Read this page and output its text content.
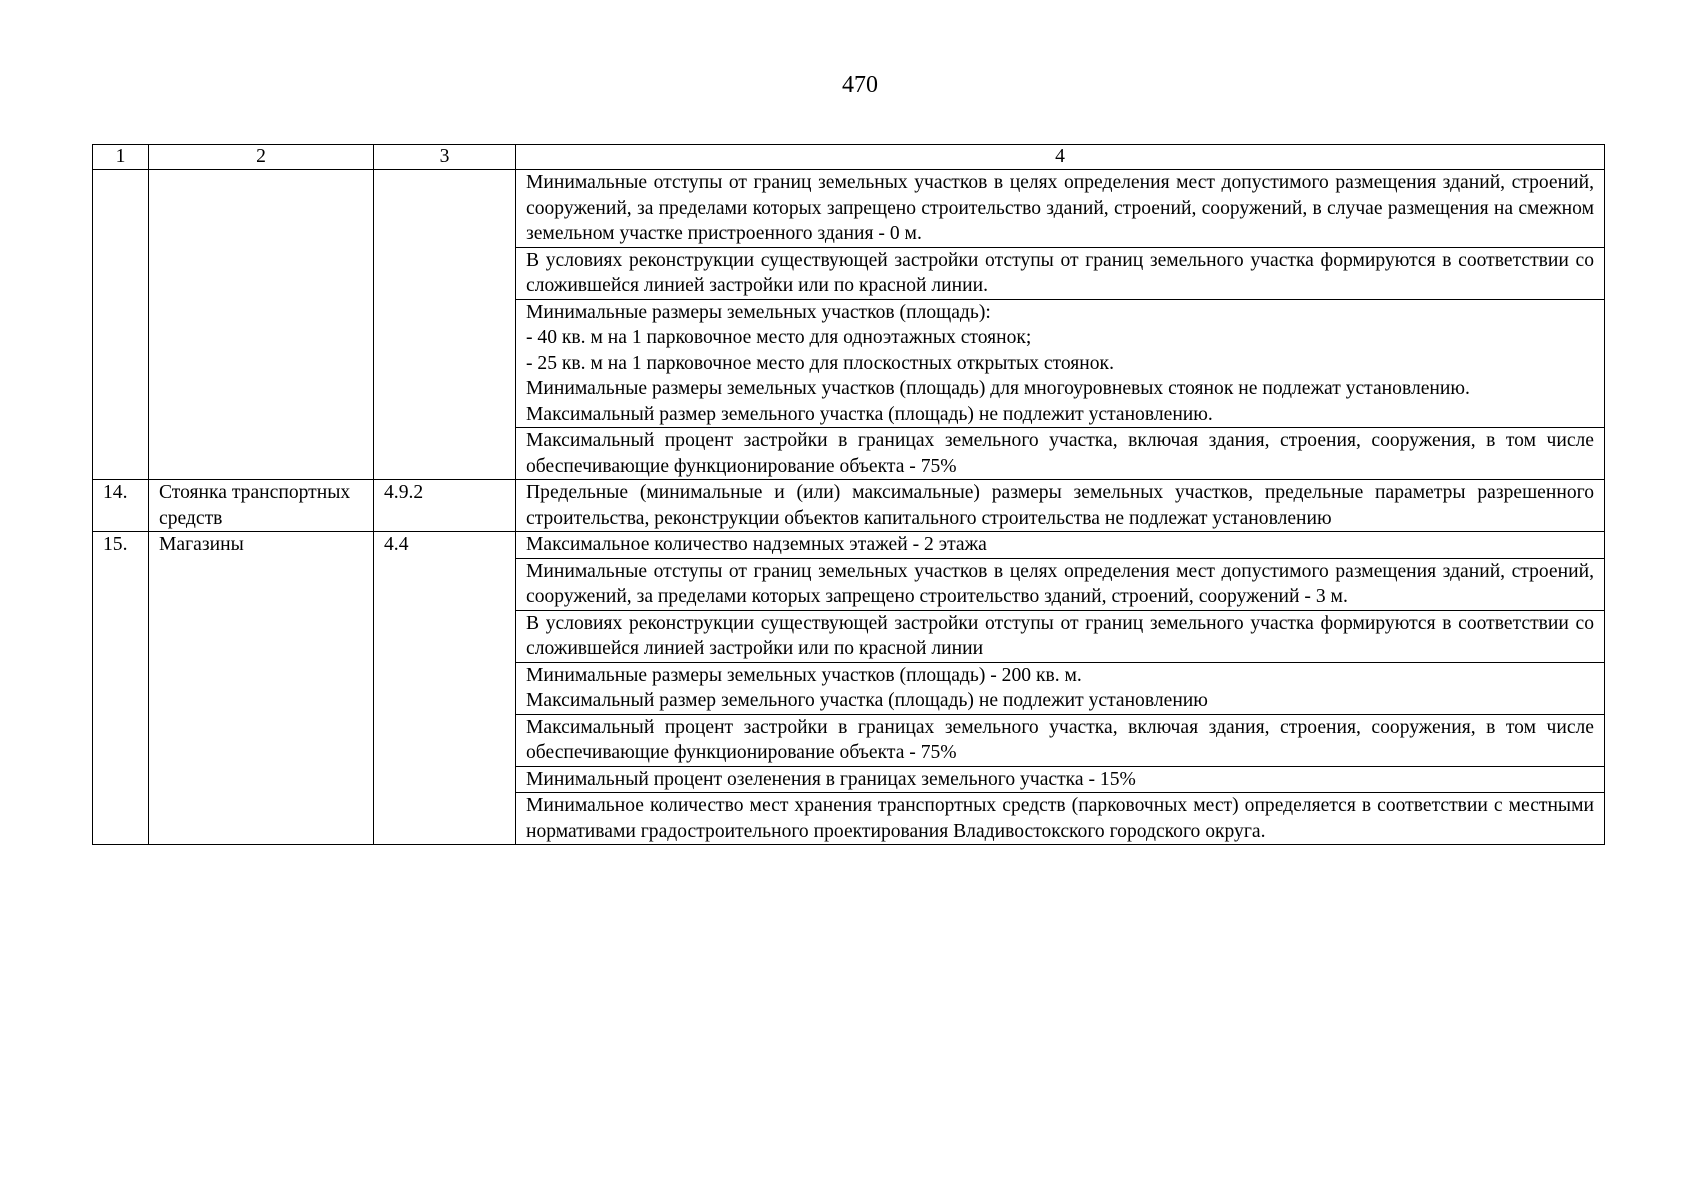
470
1	2	3	4
			Минимальные отступы от границ земельных участков в целях определения мест допустимого размещения зданий, строений, сооружений, за пределами которых запрещено строительство зданий, строений, сооружений, в случае размещения на смежном земельном участке пристроенного здания - 0 м.
			В условиях реконструкции существующей застройки отступы от границ земельного участка формируются в соответствии со сложившейся линией застройки или по красной линии.

			Минимальные размеры земельных участков (площадь):
- 40 кв. м на 1 парковочное место для одноэтажных стоянок;
- 25 кв. м на 1 парковочное место для плоскостных открытых стоянок.
Минимальные размеры земельных участков (площадь) для многоуровневых стоянок не подлежат установлению.
Максимальный размер земельного участка (площадь) не подлежит установлению.

			Максимальный процент застройки в границах земельного участка, включая здания, строения, сооружения, в том числе обеспечивающие функционирование объекта - 75%
14.	Стоянка транспортных средств	4.9.2	Предельные (минимальные и (или) максимальные) размеры земельных участков, предельные параметры разрешенного строительства, реконструкции объектов капитального строительства не подлежат установлению
15.	Магазины	4.4	Максимальное количество надземных этажей - 2 этажа
			Минимальные отступы от границ земельных участков в целях определения мест допустимого размещения зданий, строений, сооружений, за пределами которых запрещено строительство зданий, строений, сооружений - 3 м.
			В условиях реконструкции существующей застройки отступы от границ земельного участка формируются в соответствии со сложившейся линией застройки или по красной линии

			Минимальные размеры земельных участков (площадь) - 200 кв. м.
Максимальный размер земельного участка (площадь) не подлежит установлению

			Максимальный процент застройки в границах земельного участка, включая здания, строения, сооружения, в том числе обеспечивающие функционирование объекта - 75%
			Минимальный процент озеленения в границах земельного участка - 15%
			Минимальное количество мест хранения транспортных средств (парковочных мест) определяется в соответствии с местными нормативами градостроительного проектирования Владивостокского городского округа.
